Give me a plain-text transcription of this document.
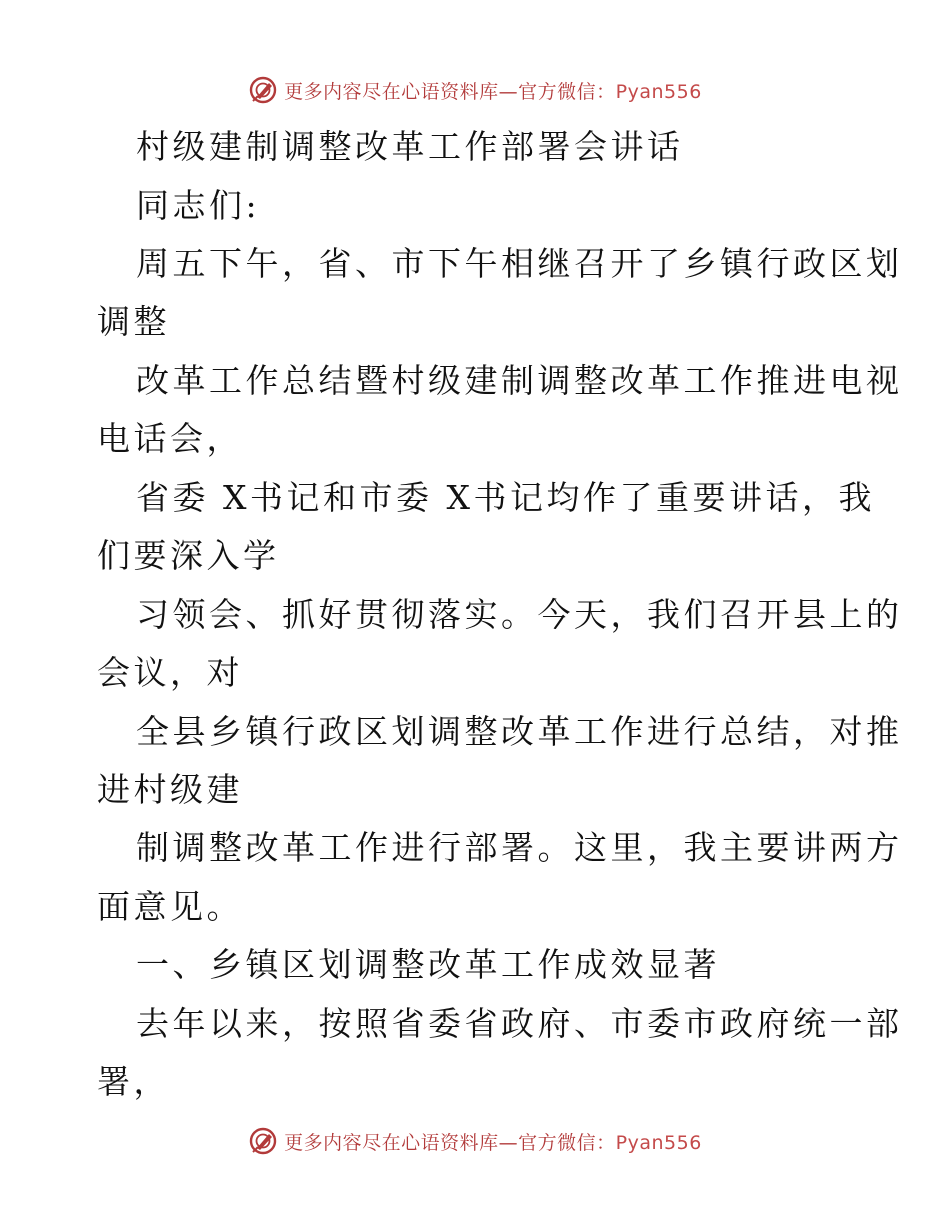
更多内容尽在心语资料库—官方微信：Pyan556
村级建制调整改革工作部署会讲话
同志们:
周五下午，省、市下午相继召开了乡镇行政区划
调整
改革工作总结暨村级建制调整改革工作推进电视
电话会，
省委 X书记和市委 X书记均作了重要讲话，我
们要深入学
习领会、抓好贯彻落实。今天，我们召开县上的
会议，对
全县乡镇行政区划调整改革工作进行总结，对推
进村级建
制调整改革工作进行部署。这里，我主要讲两方
面意见。
一、乡镇区划调整改革工作成效显著
去年以来，按照省委省政府、市委市政府统一部
署，
更多内容尽在心语资料库—官方微信：Pyan556
